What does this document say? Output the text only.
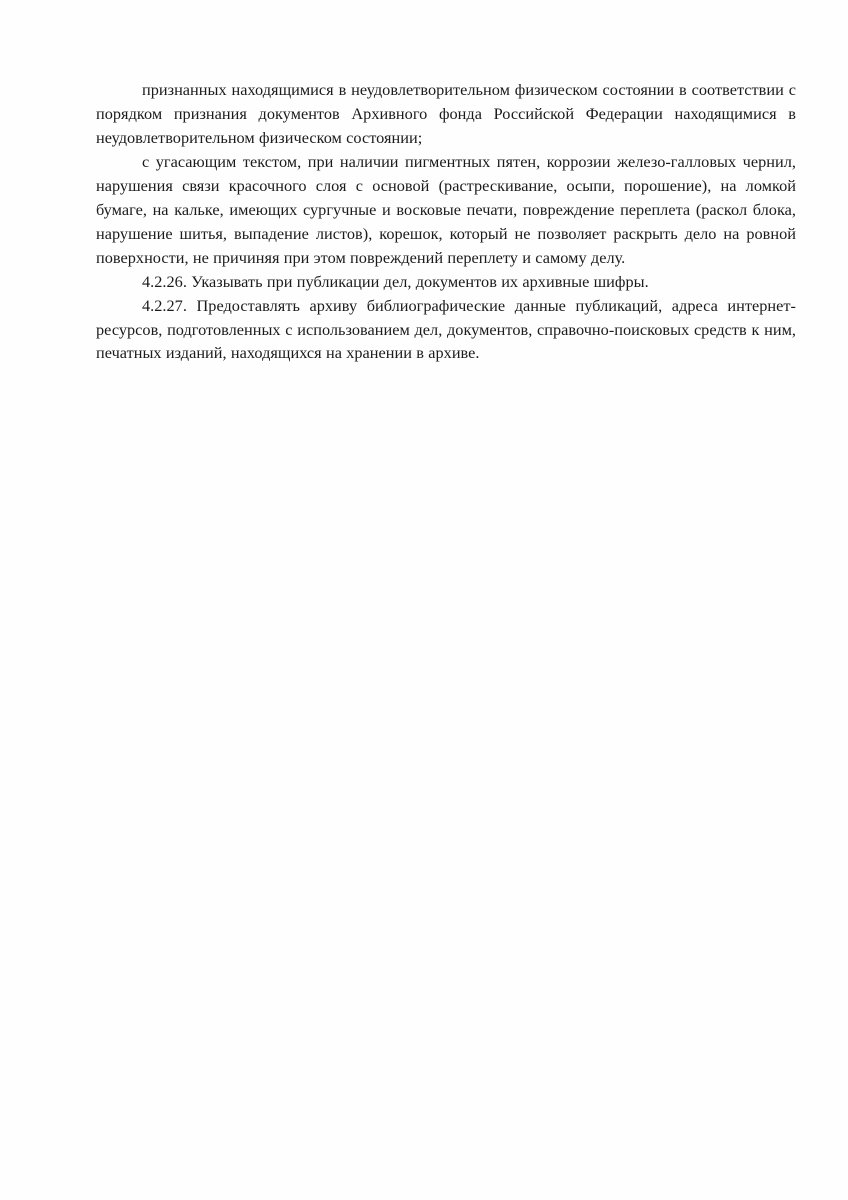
признанных находящимися в неудовлетворительном физическом состоянии в соответствии с порядком признания документов Архивного фонда Российской Федерации находящимися в неудовлетворительном физическом состоянии;

с угасающим текстом, при наличии пигментных пятен, коррозии железо-галловых чернил, нарушения связи красочного слоя с основой (растрескивание, осыпи, порошение), на ломкой бумаге, на кальке, имеющих сургучные и восковые печати, повреждение переплета (раскол блока, нарушение шитья, выпадение листов), корешок, который не позволяет раскрыть дело на ровной поверхности, не причиняя при этом повреждений переплету и самому делу.

4.2.26. Указывать при публикации дел, документов их архивные шифры.

4.2.27. Предоставлять архиву библиографические данные публикаций, адреса интернет-ресурсов, подготовленных с использованием дел, документов, справочно-поисковых средств к ним, печатных изданий, находящихся на хранении в архиве.
